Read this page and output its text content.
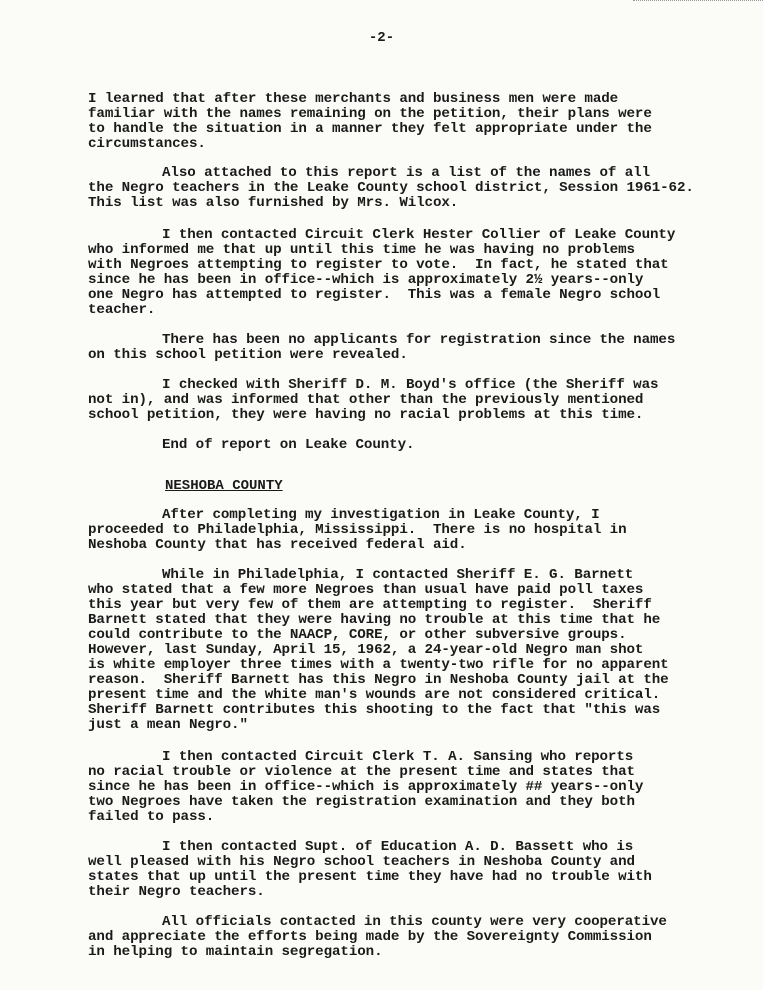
-2-
I learned that after these merchants and business men were made
familiar with the names remaining on the petition, their plans were
to handle the situation in a manner they felt appropriate under the
circumstances.
Also attached to this report is a list of the names of all
the Negro teachers in the Leake County school district, Session 1961-62.
This list was also furnished by Mrs. Wilcox.
I then contacted Circuit Clerk Hester Collier of Leake County
who informed me that up until this time he was having no problems
with Negroes attempting to register to vote.  In fact, he stated that
since he has been in office--which is approximately 2½ years--only
one Negro has attempted to register.  This was a female Negro school
teacher.
There has been no applicants for registration since the names
on this school petition were revealed.
I checked with Sheriff D. M. Boyd's office (the Sheriff was
not in), and was informed that other than the previously mentioned
school petition, they were having no racial problems at this time.
End of report on Leake County.
NESHOBA COUNTY
After completing my investigation in Leake County, I
proceeded to Philadelphia, Mississippi.  There is no hospital in
Neshoba County that has received federal aid.
While in Philadelphia, I contacted Sheriff E. G. Barnett
who stated that a few more Negroes than usual have paid poll taxes
this year but very few of them are attempting to register.  Sheriff
Barnett stated that they were having no trouble at this time that he
could contribute to the NAACP, CORE, or other subversive groups.
However, last Sunday, April 15, 1962, a 24-year-old Negro man shot
is white employer three times with a twenty-two rifle for no apparent
reason.  Sheriff Barnett has this Negro in Neshoba County jail at the
present time and the white man's wounds are not considered critical.
Sheriff Barnett contributes this shooting to the fact that "this was
just a mean Negro."
I then contacted Circuit Clerk T. A. Sansing who reports
no racial trouble or violence at the present time and states that
since he has been in office--which is approximately ## years--only
two Negroes have taken the registration examination and they both
failed to pass.
I then contacted Supt. of Education A. D. Bassett who is
well pleased with his Negro school teachers in Neshoba County and
states that up until the present time they have had no trouble with
their Negro teachers.
All officials contacted in this county were very cooperative
and appreciate the efforts being made by the Sovereignty Commission
in helping to maintain segregation.
